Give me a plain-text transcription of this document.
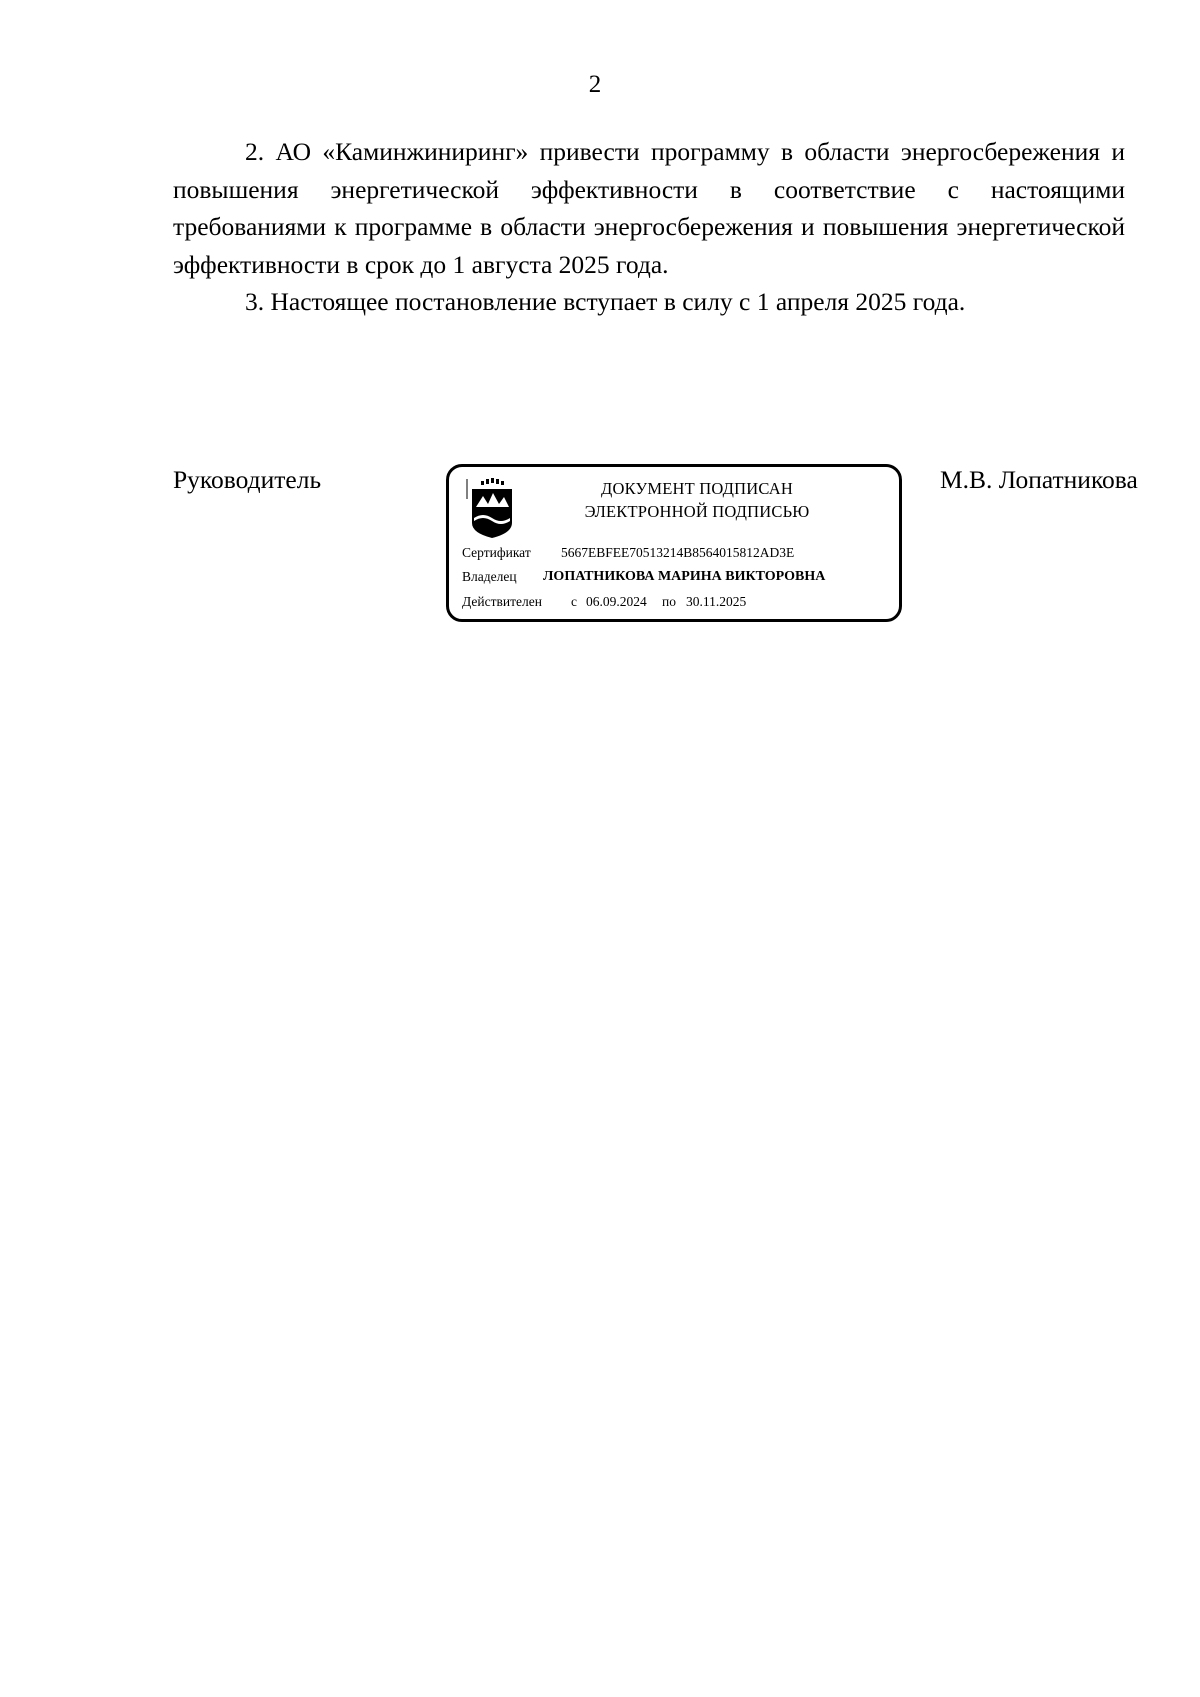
2

2. АО «Каминжиниринг» привести программу в области энергосбережения и повышения энергетической эффективности в соответствие с настоящими требованиями к программе в области энергосбережения и повышения энергетической эффективности в срок до 1 августа 2025 года.

3. Настоящее постановление вступает в силу с 1 апреля 2025 года.

Руководитель	ДОКУМЕНТ ПОДПИСАН
ЭЛЕКТРОННОЙ ПОДПИСЬЮ
Сертификат 5667EBFEE70513214B8564015812AD3E
Владелец ЛОПАТНИКОВА МАРИНА ВИКТОРОВНА
Действителен с 06.09.2024 по 30.11.2025
М.В. Лопатникова
